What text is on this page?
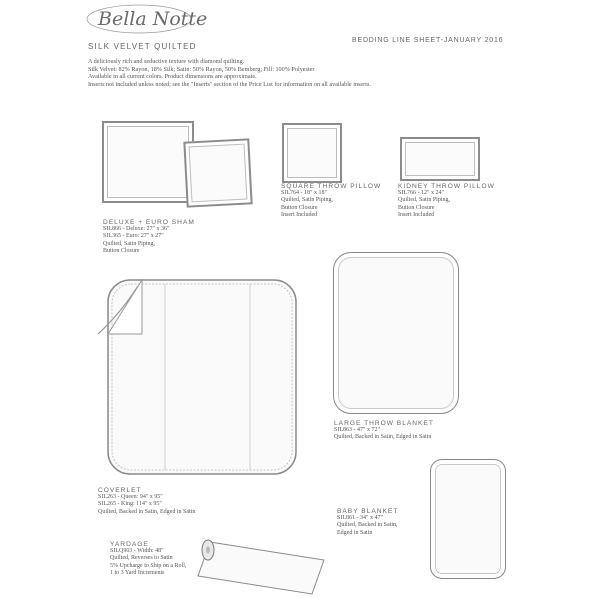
Bella Notte
SILK VELVET QUILTED
BEDDING LINE SHEET-JANUARY 2016
A deliciously rich and seductive texture with diamond quilting.
Silk Velvet: 82% Rayon, 18% Silk; Satin: 50% Rayon, 50% Bemberg; Fill: 100% Polyester
Available in all current colors. Product dimensions are approximate.
Inserts not included unless noted; see the "Inserts" section of the Price List for information on all available inserts.
DELUXE + EURO SHAM
SIL866 - Deluxe: 27" x 36"
SIL365 - Euro: 27" x 27"
Quilted, Satin Piping,
Button Closure
SQUARE THROW PILLOW
SIL764 - 18" x 18"
Quilted, Satin Piping,
Button Closure
Insert Included
KIDNEY THROW PILLOW
SIL766 - 12" x 24"
Quilted, Satin Piping,
Button Closure
Insert Included
LARGE THROW BLANKET
SIL863 - 47" x 72"
Quilted, Backed in Satin, Edged in Satin
COVERLET
SIL263 - Queen: 94" x 95"
SIL265 - King: 114" x 95"
Quilted, Backed in Satin, Edged in Satin	BABY BLANKET
SIL861 - 34" x 47"
Quilted, Backed in Satin,
Edged in Satin
YARDAGE
SILQ903 - Width: 48"
Quilted, Reverses to Satin
5% Upcharge to Ship on a Roll,
1 to 3 Yard Increments
